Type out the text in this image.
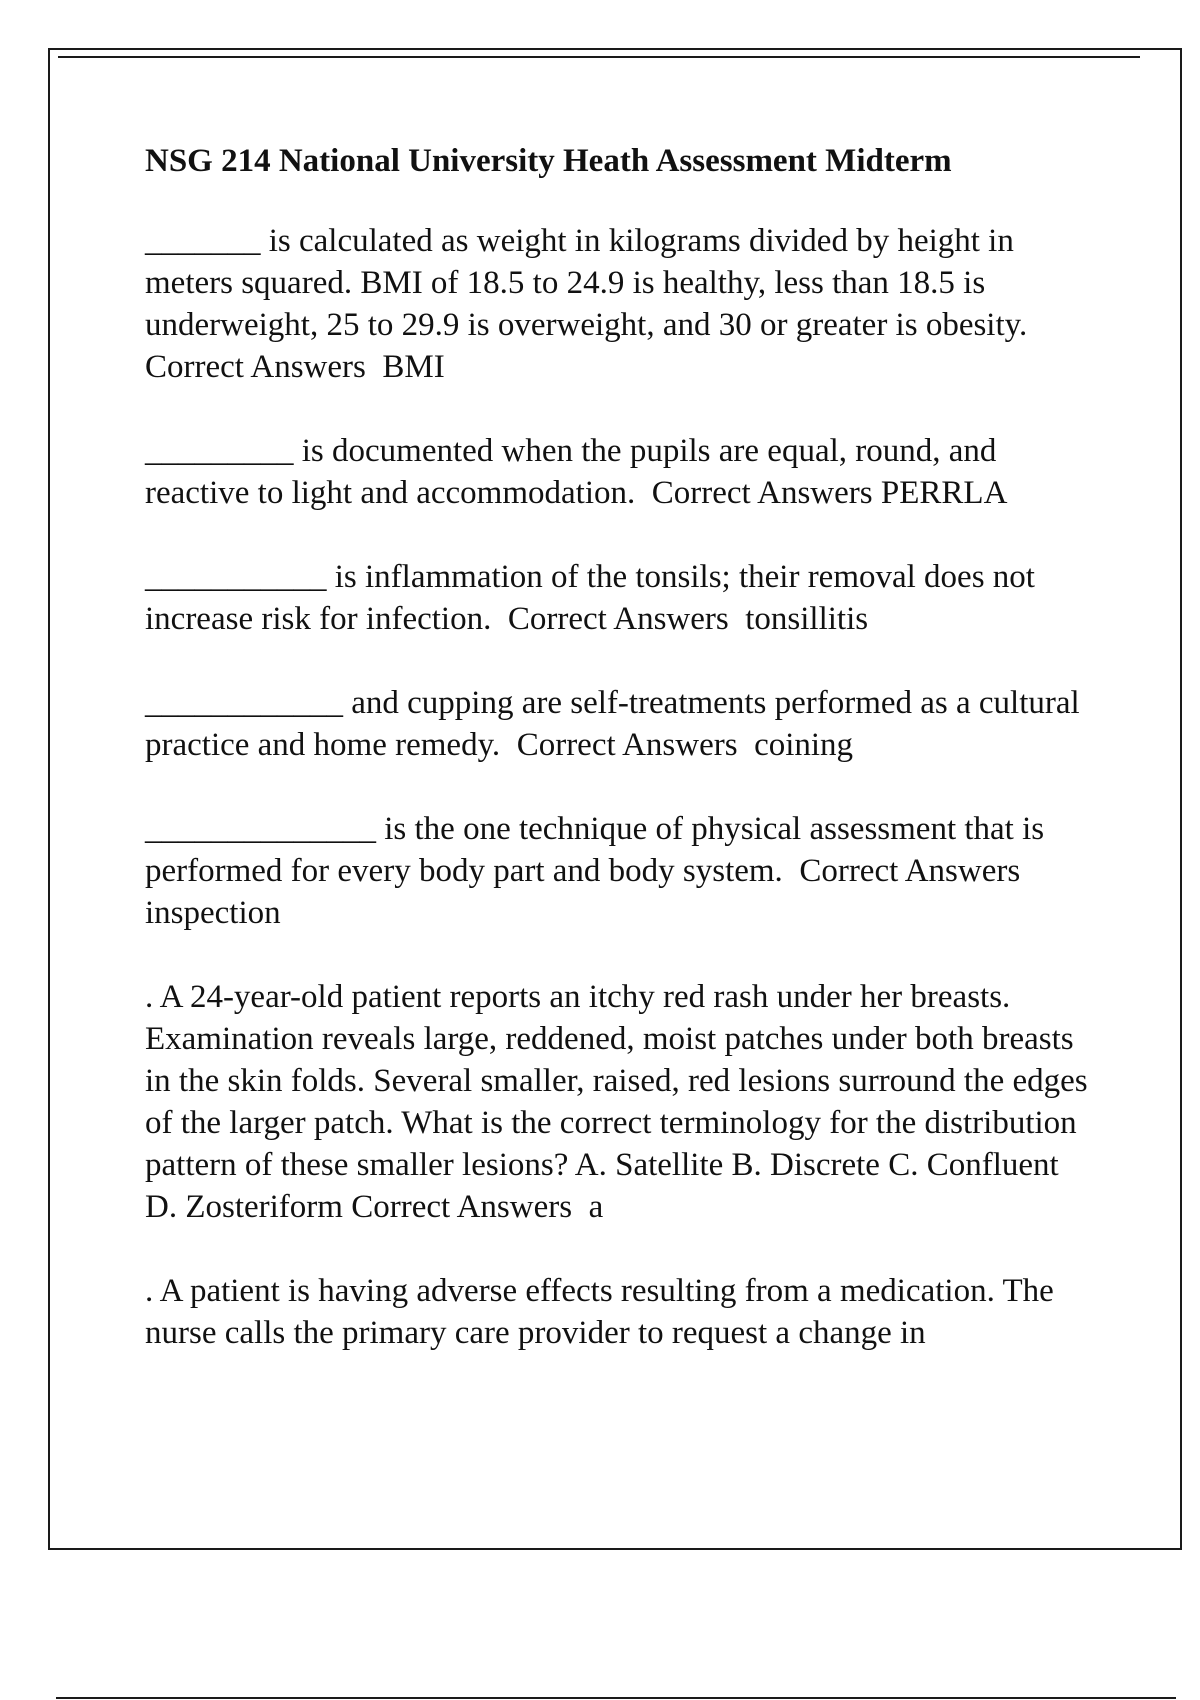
NSG 214 National University Heath Assessment Midterm

_______ is calculated as weight in kilograms divided by height in meters squared. BMI of 18.5 to 24.9 is healthy, less than 18.5 is underweight, 25 to 29.9 is overweight, and 30 or greater is obesity.  Correct Answers BMI

_________ is documented when the pupils are equal, round, and reactive to light and accommodation. Correct Answers PERRLA

___________ is inflammation of the tonsils; their removal does not increase risk for infection. Correct Answers tonsillitis

____________ and cupping are self-treatments performed as a cultural practice and home remedy. Correct Answers coining

______________ is the one technique of physical assessment that is performed for every body part and body system. Correct Answers  inspection

. A 24-year-old patient reports an itchy red rash under her breasts. Examination reveals large, reddened, moist patches under both breasts in the skin folds. Several smaller, raised, red lesions surround the edges of the larger patch. What is the correct terminology for the distribution pattern of these smaller lesions? A. Satellite B. Discrete C. Confluent D. Zosteriform Correct Answers a

. A patient is having adverse effects resulting from a medication. The nurse calls the primary care provider to request a change in
